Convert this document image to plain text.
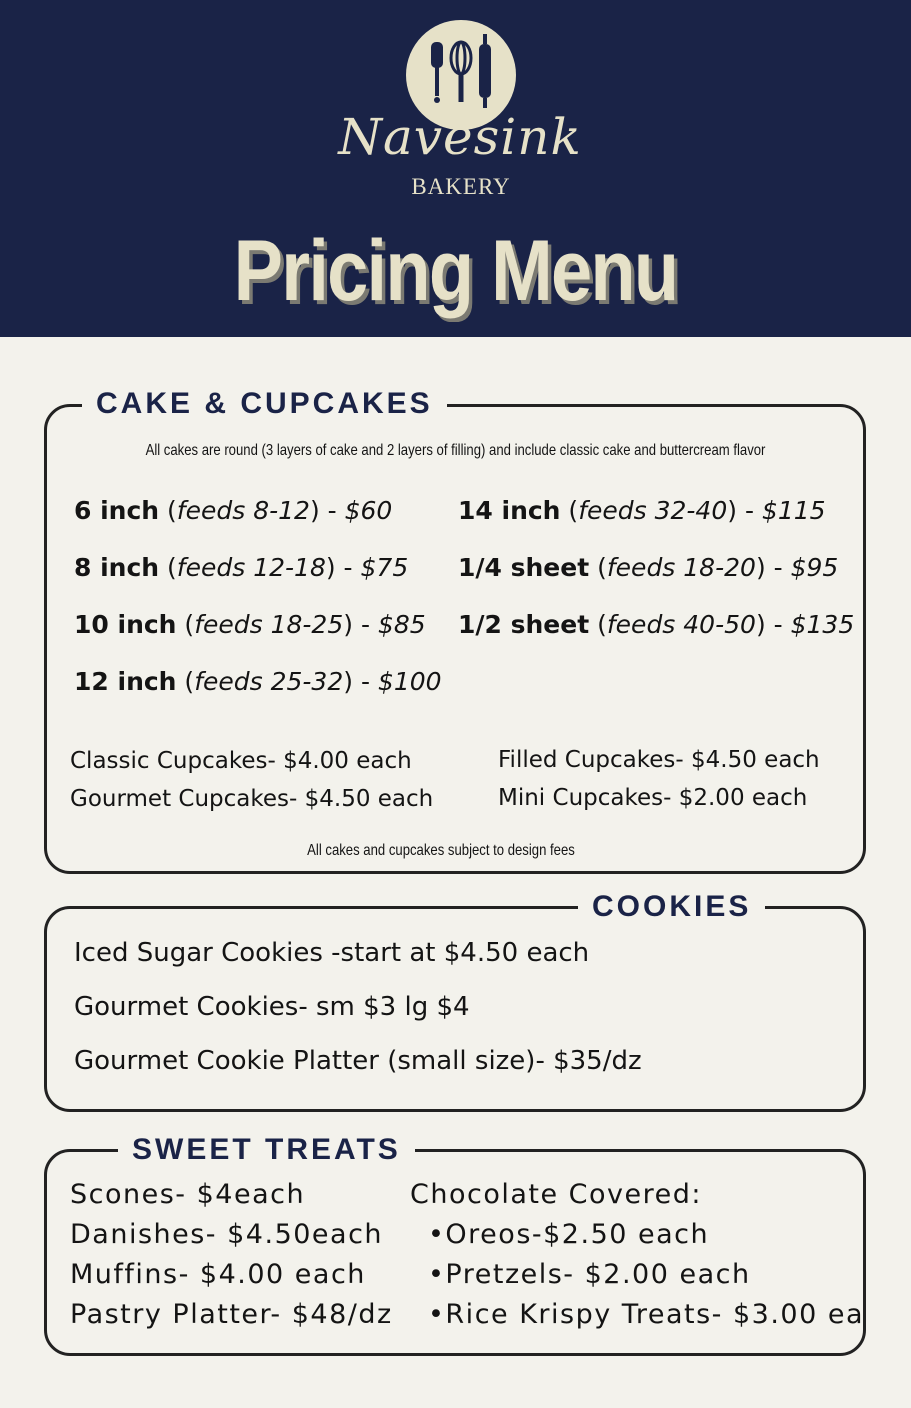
Navesink
BAKERY
Pricing Menu
CAKE & CUPCAKES
All cakes are round (3 layers of cake and 2 layers of filling) and include classic cake and buttercream flavor
6 inch (feeds 8-12) - $60
8 inch (feeds 12-18) - $75
10 inch (feeds 18-25) - $85
12 inch (feeds 25-32) - $100
14 inch (feeds 32-40) - $115
1/4 sheet (feeds 18-20) - $95
1/2 sheet (feeds 40-50) - $135
Classic Cupcakes- $4.00 each
Gourmet Cupcakes- $4.50 each
Filled Cupcakes- $4.50 each
Mini Cupcakes- $2.00 each
All cakes and cupcakes subject to design fees
COOKIES
Iced Sugar Cookies -start at $4.50 each
Gourmet Cookies- sm $3 lg $4
Gourmet Cookie Platter (small size)- $35/dz
SWEET TREATS
Scones- $4each
Danishes- $4.50each
Muffins- $4.00 each
Pastry Platter- $48/dz
Chocolate Covered:
•Oreos-$2.50 each
•Pretzels- $2.00 each
•Rice Krispy Treats- $3.00 ea
